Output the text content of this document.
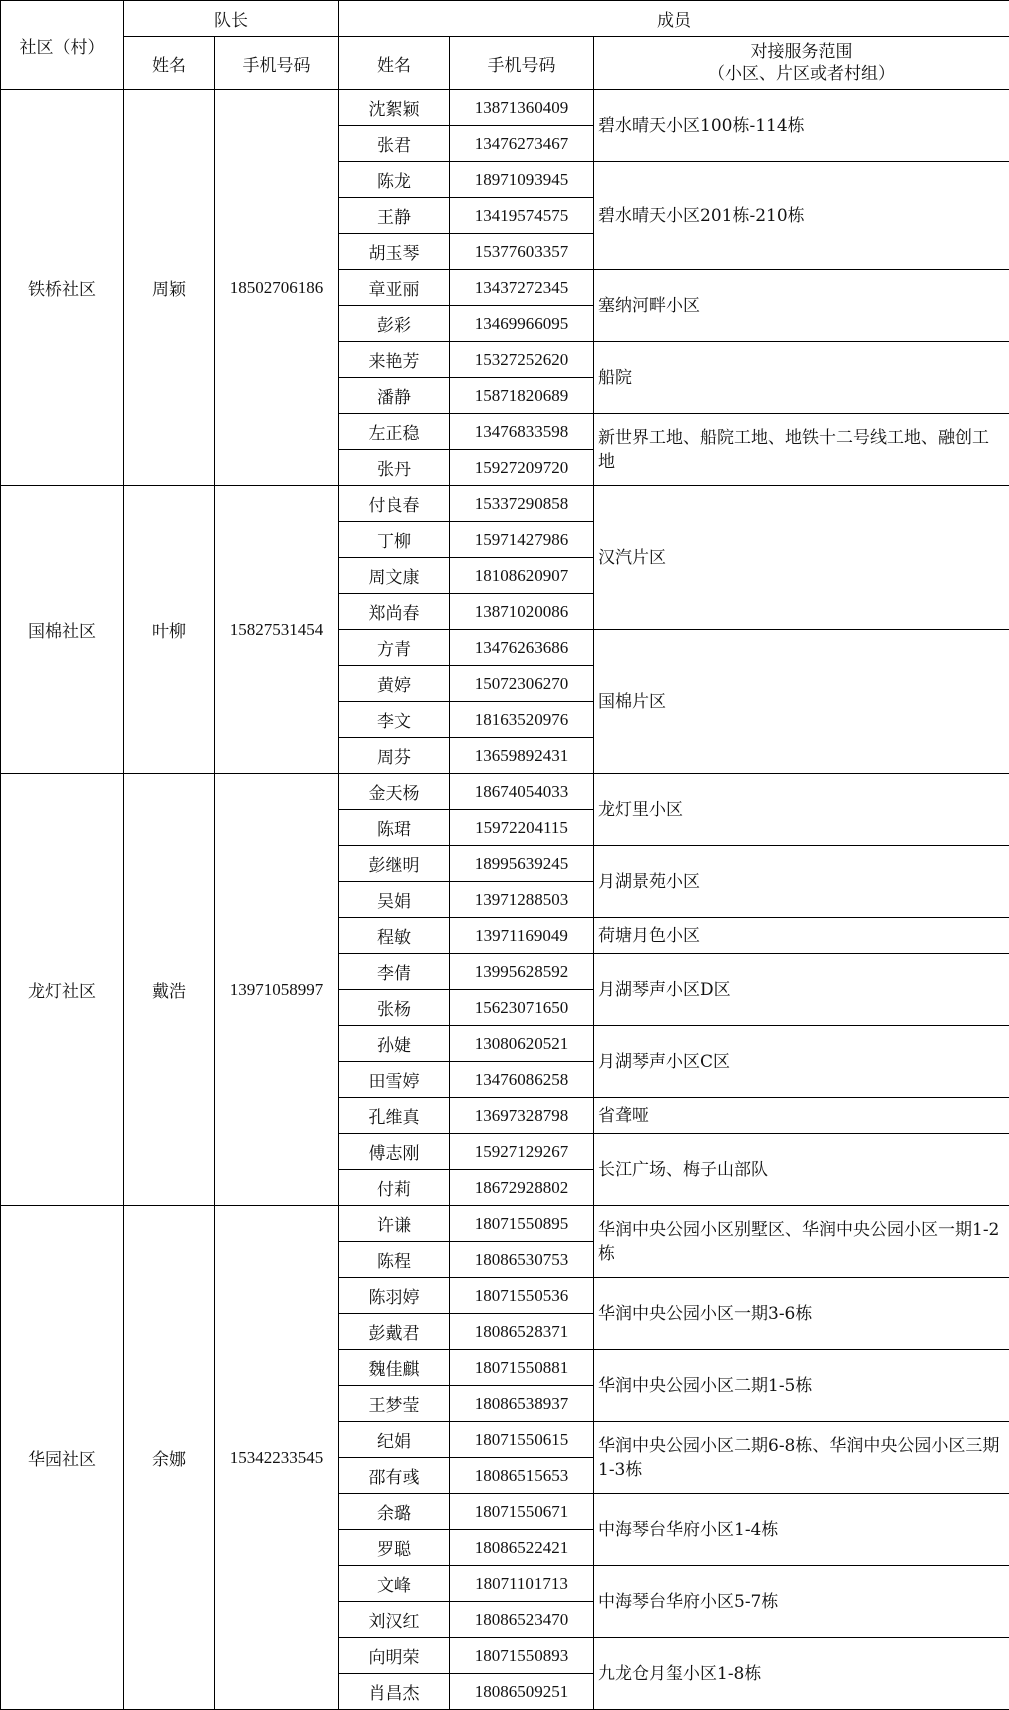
社区（村）	队长		成员		
	姓名	手机号码	姓名	手机号码	对接服务范围
（小区、片区或者村组）

铁桥社区	周颖	18502706186	沈絮颖	13871360409	碧水晴天小区100栋-114栋
			张君	13476273467	
			陈龙	18971093945	碧水晴天小区201栋-210栋
			王静	13419574575	
			胡玉琴	15377603357	
			章亚丽	13437272345	塞纳河畔小区
			彭彩	13469966095	
			来艳芳	15327252620	船院
			潘静	15871820689	
			左正稳	13476833598	新世界工地、船院工地、地铁十二号线工地、融创工地
			张丹	15927209720	
国棉社区	叶柳	15827531454	付良春	15337290858	汉汽片区
			丁柳	15971427986	
			周文康	18108620907	
			郑尚春	13871020086	
			方青	13476263686	国棉片区
			黄婷	15072306270	
			李文	18163520976	
			周芬	13659892431	
龙灯社区	戴浩	13971058997	金天杨	18674054033	龙灯里小区
			陈珺	15972204115	
			彭继明	18995639245	月湖景苑小区
			吴娟	13971288503	
			程敏	13971169049	荷塘月色小区
			李倩	13995628592	月湖琴声小区D区
			张杨	15623071650	
			孙婕	13080620521	月湖琴声小区C区
			田雪婷	13476086258	
			孔维真	13697328798	省聋哑
			傅志刚	15927129267	长江广场、梅子山部队
			付莉	18672928802	
华园社区	余娜	15342233545	许谦	18071550895	华润中央公园小区别墅区、华润中央公园小区一期1-2栋
			陈程	18086530753	
			陈羽婷	18071550536	华润中央公园小区一期3-6栋
			彭戴君	18086528371	
			魏佳麒	18071550881	华润中央公园小区二期1-5栋
			王梦莹	18086538937	
			纪娟	18071550615	华润中央公园小区二期6-8栋、华润中央公园小区三期1-3栋
			邵有彧	18086515653	
			余璐	18071550671	中海琴台华府小区1-4栋
			罗聪	18086522421	
			文峰	18071101713	中海琴台华府小区5-7栋
			刘汉红	18086523470	
			向明荣	18071550893	九龙仓月玺小区1-8栋
			肖昌杰	18086509251	
